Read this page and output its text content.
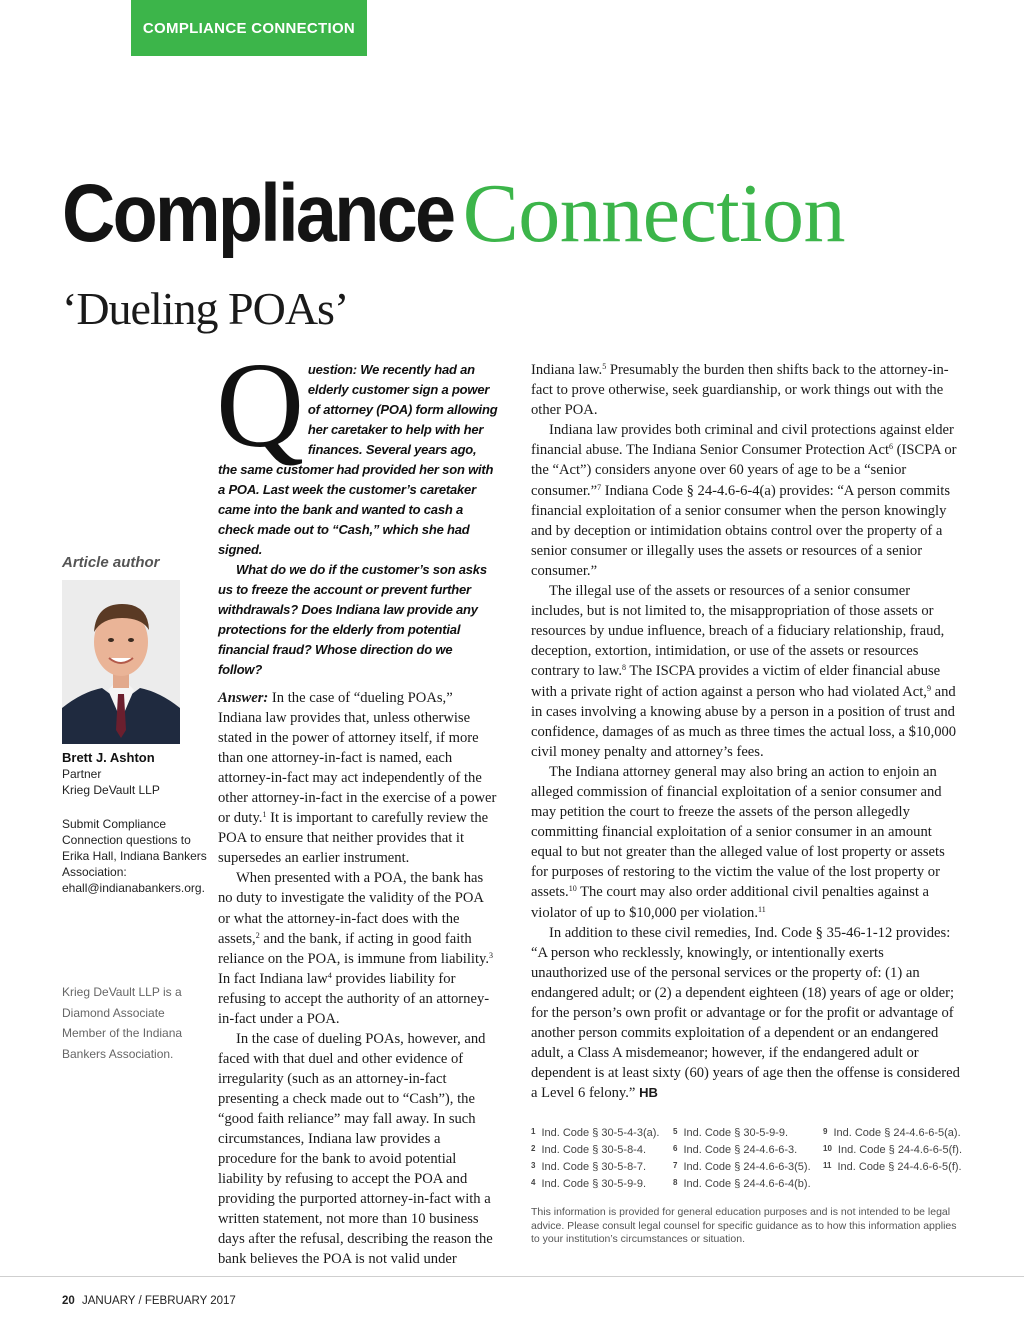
COMPLIANCE CONNECTION
Compliance Connection
‘Dueling POAs’
Article author
Brett J. Ashton
Partner
Krieg DeVault LLP
Submit Compliance Connection questions to Erika Hall, Indiana Bankers Association: ehall@indianabankers.org.
Krieg DeVault LLP is a Diamond Associate Member of the Indiana Bankers Association.
Q uestion: We recently had an elderly customer sign a power of attorney (POA) form allowing her caretaker to help with her finances. Several years ago, the same customer had provided her son with a POA. Last week the customer’s caretaker came into the bank and wanted to cash a check made out to “Cash,” which she had signed.

What do we do if the customer’s son asks us to freeze the account or prevent further withdrawals? Does Indiana law provide any protections for the elderly from potential financial fraud? Whose direction do we follow?

Answer: In the case of “dueling POAs,” Indiana law provides that, unless otherwise stated in the power of attorney itself, if more than one attorney-in-fact is named, each attorney-in-fact may act independently of the other attorney-in-fact in the exercise of a power or duty.$^1$ It is important to carefully review the POA to ensure that neither provides that it supersedes an earlier instrument.

When presented with a POA, the bank has no duty to investigate the validity of the POA or what the attorney-in-fact does with the assets,$^2$ and the bank, if acting in good faith reliance on the POA, is immune from liability.$^3$ In fact Indiana law$^4$ provides liability for refusing to accept the authority of an attorney-in-fact under a POA.

In the case of dueling POAs, however, and faced with that duel and other evidence of irregularity (such as an attorney-in-fact presenting a check made out to “Cash”), the “good faith reliance” may fall away. In such circumstances, Indiana law provides a procedure for the bank to avoid potential liability by refusing to accept the POA and providing the purported attorney-in-fact with a written statement, not more than 10 business days after the refusal, describing the reason the bank believes the POA is not valid under

Indiana law.$^5$ Presumably the burden then shifts back to the attorney-in-fact to prove otherwise, seek guardianship, or work things out with the other POA.

Indiana law provides both criminal and civil protections against elder financial abuse. The Indiana Senior Consumer Protection Act$^6$ (ISCPA or the “Act”) considers anyone over 60 years of age to be a “senior consumer.”$^7$ Indiana Code § 24-4.6-6-4(a) provides: “A person commits financial exploitation of a senior consumer when the person knowingly and by deception or intimidation obtains control over the property of a senior consumer or illegally uses the assets or resources of a senior consumer.”

The illegal use of the assets or resources of a senior consumer includes, but is not limited to, the misappropriation of those assets or resources by undue influence, breach of a fiduciary relationship, fraud, deception, extortion, intimidation, or use of the assets or resources contrary to law.$^8$ The ISCPA provides a victim of elder financial abuse with a private right of action against a person who had violated Act,$^9$ and in cases involving a knowing abuse by a person in a position of trust and confidence, damages of as much as three times the actual loss, a $10,000 civil money penalty and attorney’s fees.

The Indiana attorney general may also bring an action to enjoin an alleged commission of financial exploitation of a senior consumer and may petition the court to freeze the assets of the person allegedly committing financial exploitation of a senior consumer in an amount equal to but not greater than the alleged value of lost property or assets for purposes of restoring to the victim the value of the lost property or assets.$^{10}$ The court may also order additional civil penalties against a violator of up to $10,000 per violation.$^{11}$

In addition to these civil remedies, Ind. Code § 35-46-1-12 provides: “A person who recklessly, knowingly, or intentionally exerts unauthorized use of the personal services or the property of: (1) an endangered adult; or (2) a dependent eighteen (18) years of age or older; for the person’s own profit or advantage or for the profit or advantage of another person commits exploitation of a dependent or an endangered adult, a Class A misdemeanor; however, if the endangered adult or dependent is at least sixty (60) years of age then the offense is considered a Level 6 felony.” HB

$^1$ Ind. Code § 30-5-4-3(a).
$^2$ Ind. Code § 30-5-8-4.
$^3$ Ind. Code § 30-5-8-7.
$^4$ Ind. Code § 30-5-9-9.
$^5$ Ind. Code § 30-5-9-9.
$^6$ Ind. Code § 24-4.6-6-3.
$^7$ Ind. Code § 24-4.6-6-3(5).
$^8$ Ind. Code § 24-4.6-6-4(b).
$^9$ Ind. Code § 24-4.6-6-5(a).
$^{10}$ Ind. Code § 24-4.6-6-5(f).
$^{11}$ Ind. Code § 24-4.6-6-5(f).
This information is provided for general education purposes and is not intended to be legal advice. Please consult legal counsel for specific guidance as to how this information applies to your institution’s circumstances or situation.
20 JANUARY / FEBRUARY 2017
